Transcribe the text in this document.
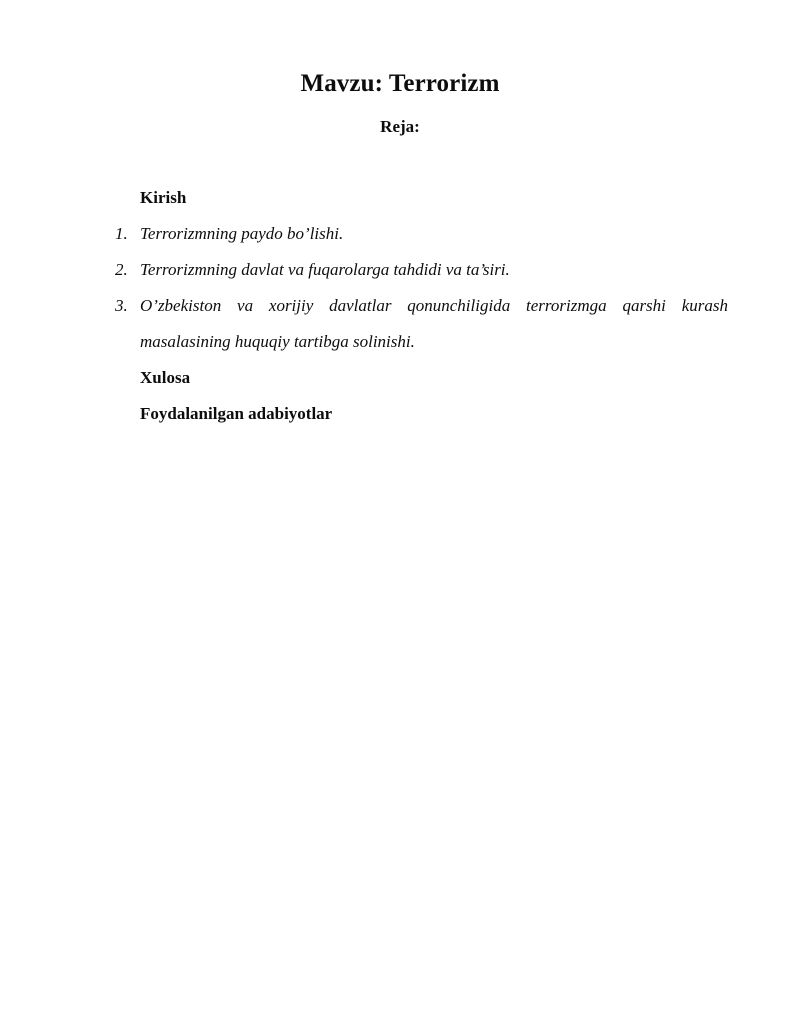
Mavzu: Terrorizm
Reja:

Kirish

1. Terrorizmning paydo bo’lishi.
2. Terrorizmning davlat va fuqarolarga tahdidi va ta’siri.
3. O’zbekiston va xorijiy davlatlar qonunchiligida terrorizmga qarshi kurash masalasining huquqiy tartibga solinishi.

Xulosa

Foydalanilgan adabiyotlar
